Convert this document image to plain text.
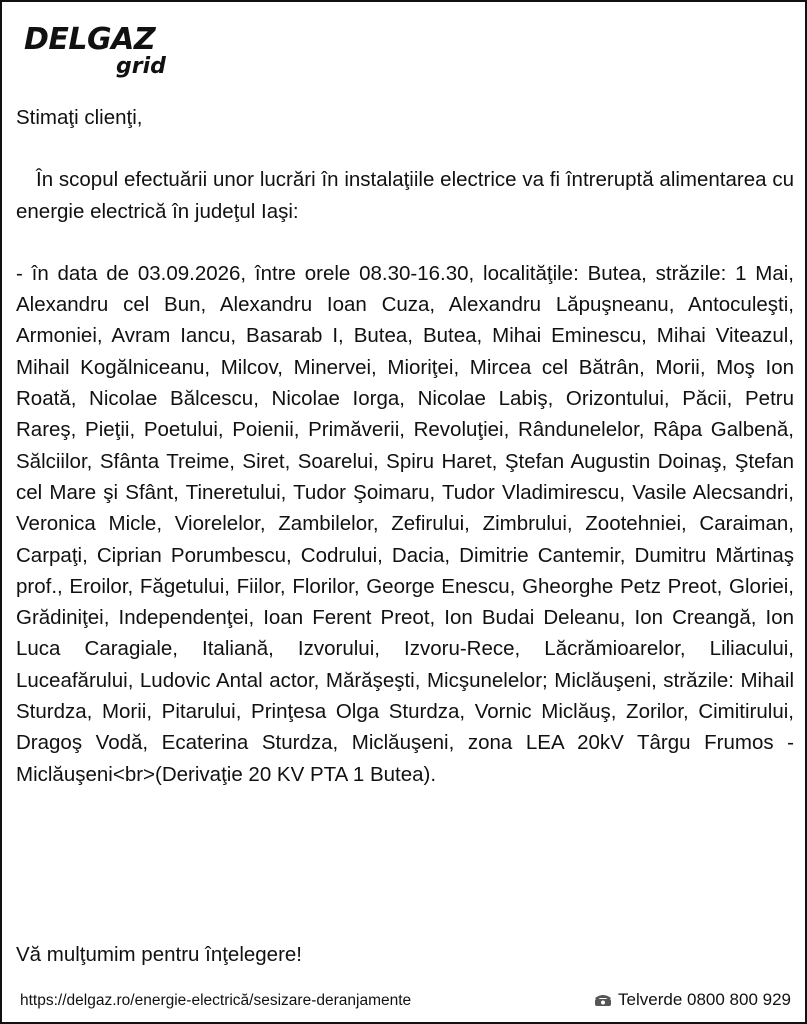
DELGAZ
grid

Stimaţi clienţi,

În scopul efectuării unor lucrări în instalaţiile electrice va fi întreruptă alimentarea cu energie electrică în judeţul Iaşi:

- în data de 03.09.2026, între orele 08.30-16.30, localităţile: Butea, străzile: 1 Mai, Alexandru cel Bun, Alexandru Ioan Cuza, Alexandru Lăpuşneanu, Antoculeşti, Armoniei, Avram Iancu, Basarab I, Butea, Butea, Mihai Eminescu, Mihai Viteazul, Mihail Kogălniceanu, Milcov, Minervei, Mioriţei, Mircea cel Bătrân, Morii, Moş Ion Roată, Nicolae Bălcescu, Nicolae Iorga, Nicolae Labiş, Orizontului, Păcii, Petru Rareş, Pieţii, Poetului, Poienii, Primăverii, Revoluţiei, Rândunelelor, Râpa Galbenă, Sălciilor, Sfânta Treime, Siret, Soarelui, Spiru Haret, Ştefan Augustin Doinaş, Ştefan cel Mare şi Sfânt, Tineretului, Tudor Şoimaru, Tudor Vladimirescu, Vasile Alecsandri, Veronica Micle, Viorelelor, Zambilelor, Zefirului, Zimbrului, Zootehniei, Caraiman, Carpaţi, Ciprian Porumbescu, Codrului, Dacia, Dimitrie Cantemir, Dumitru Mărtinaş prof., Eroilor, Făgetului, Fiilor, Florilor, George Enescu, Gheorghe Petz Preot, Gloriei, Grădiniţei, Independenţei, Ioan Ferent Preot, Ion Budai Deleanu, Ion Creangă, Ion Luca Caragiale, Italiană, Izvorului, Izvoru-Rece, Lăcrămioarelor, Liliacului, Luceafărului, Ludovic Antal actor, Mărăşeşti, Micşunelelor; Miclăuşeni, străzile: Mihail Sturdza, Morii, Pitarului, Prinţesa Olga Sturdza, Vornic Miclăuş, Zorilor, Cimitirului, Dragoş Vodă, Ecaterina Sturdza, Miclăuşeni, zona LEA 20kV Târgu Frumos - Miclăuşeni<br>(Derivaţie 20 KV PTA 1 Butea).

Vă mulţumim pentru înţelegere!
https://delgaz.ro/energie-electrică/sesizare-deranjamente	Telverde 0800 800 929
